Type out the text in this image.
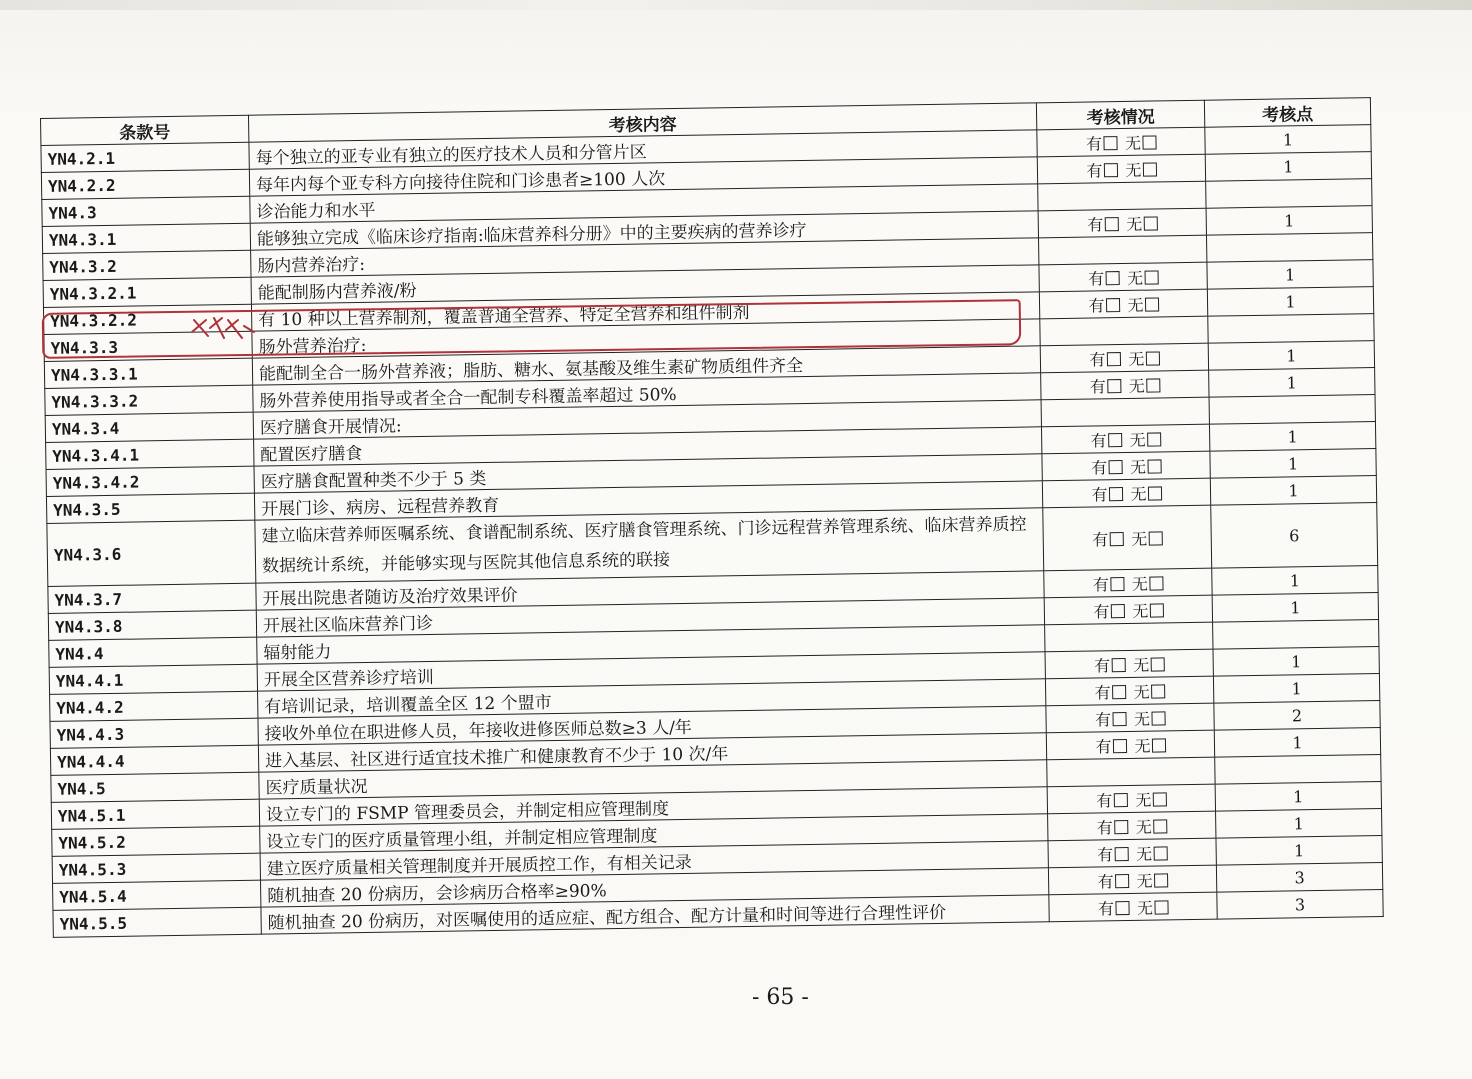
条款号	考核内容	考核情况	考核点
YN4.2.1	每个独立的亚专业有独立的医疗技术人员和分管片区	有 无	1
YN4.2.2	每年内每个亚专科方向接待住院和门诊患者≥100 人次	有 无	1
YN4.3	诊治能力和水平		
YN4.3.1	能够独立完成《临床诊疗指南:临床营养科分册》中的主要疾病的营养诊疗	有 无	1
YN4.3.2	肠内营养治疗:		
YN4.3.2.1	能配制肠内营养液/粉	有 无	1
YN4.3.2.2	有 10 种以上营养制剂，覆盖普通全营养、特定全营养和组件制剂	有 无	1
YN4.3.3	肠外营养治疗:		
YN4.3.3.1	能配制全合一肠外营养液；脂肪、糖水、氨基酸及维生素矿物质组件齐全	有 无	1
YN4.3.3.2	肠外营养使用指导或者全合一配制专科覆盖率超过 50%	有 无	1
YN4.3.4	医疗膳食开展情况:		
YN4.3.4.1	配置医疗膳食	有 无	1
YN4.3.4.2	医疗膳食配置种类不少于 5 类	有 无	1
YN4.3.5	开展门诊、病房、远程营养教育	有 无	1
YN4.3.6	建立临床营养师医嘱系统、食谱配制系统、医疗膳食管理系统、门诊远程营养管理系统、临床营养质控数据统计系统，并能够实现与医院其他信息系统的联接	有 无	6
YN4.3.7	开展出院患者随访及治疗效果评价	有 无	1
YN4.3.8	开展社区临床营养门诊	有 无	1
YN4.4	辐射能力		
YN4.4.1	开展全区营养诊疗培训	有 无	1
YN4.4.2	有培训记录，培训覆盖全区 12 个盟市	有 无	1
YN4.4.3	接收外单位在职进修人员，年接收进修医师总数≥3 人/年	有 无	2
YN4.4.4	进入基层、社区进行适宜技术推广和健康教育不少于 10 次/年	有 无	1
YN4.5	医疗质量状况		
YN4.5.1	设立专门的 FSMP 管理委员会，并制定相应管理制度	有 无	1
YN4.5.2	设立专门的医疗质量管理小组，并制定相应管理制度	有 无	1
YN4.5.3	建立医疗质量相关管理制度并开展质控工作，有相关记录	有 无	1
YN4.5.4	随机抽查 20 份病历，会诊病历合格率≥90%	有 无	3
YN4.5.5	随机抽查 20 份病历，对医嘱使用的适应症、配方组合、配方计量和时间等进行合理性评价	有 无	3
- 65 -
